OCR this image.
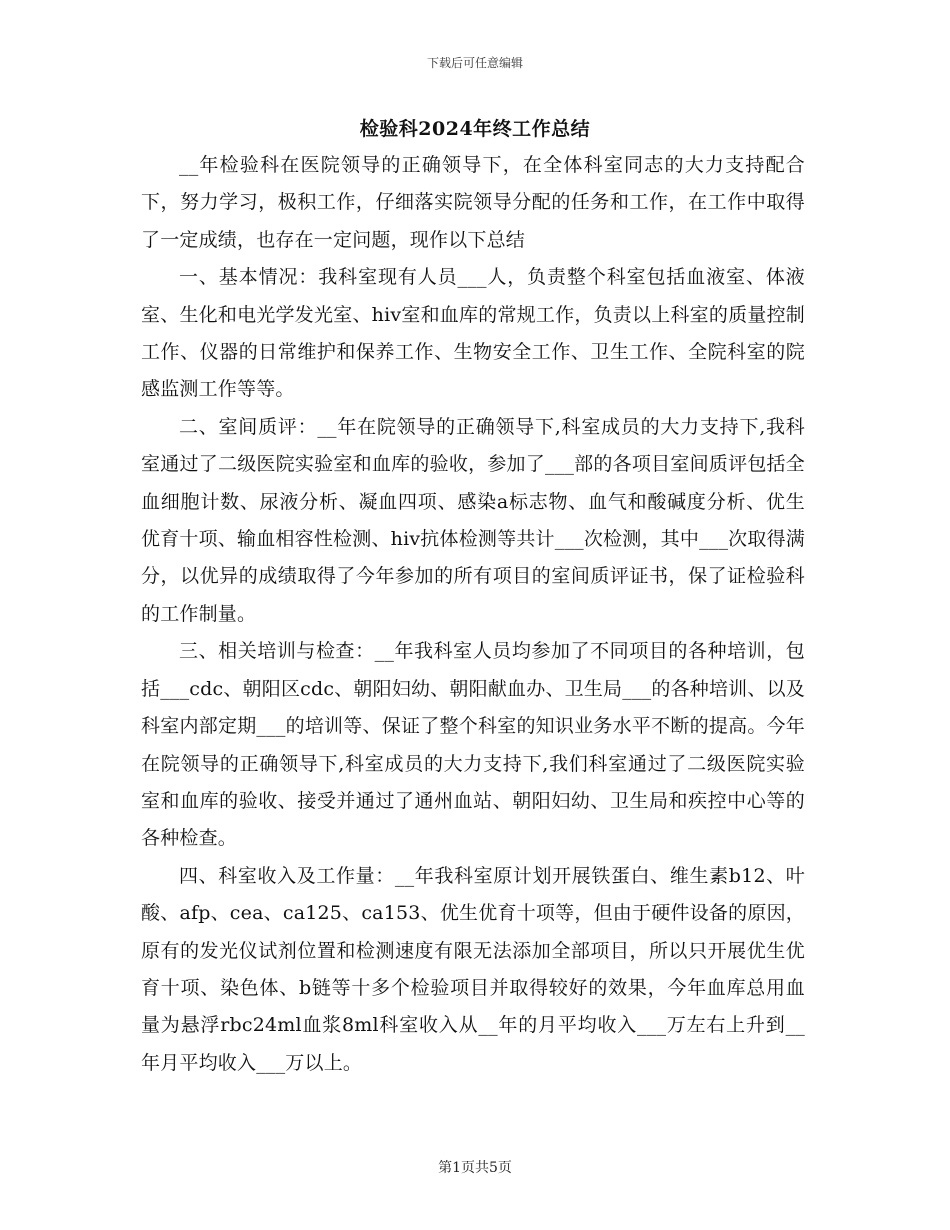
下载后可任意编辑
检验科2024年终工作总结

__年检验科在医院领导的正确领导下，在全体科室同志的大力支持配合下，努力学习，极积工作，仔细落实院领导分配的任务和工作，在工作中取得了一定成绩，也存在一定问题，现作以下总结

一、基本情况：我科室现有人员___人，负责整个科室包括血液室、体液室、生化和电光学发光室、hiv室和血库的常规工作，负责以上科室的质量控制工作、仪器的日常维护和保养工作、生物安全工作、卫生工作、全院科室的院感监测工作等等。

二、室间质评：__年在院领导的正确领导下,科室成员的大力支持下,我科室通过了二级医院实验室和血库的验收，参加了___部的各项目室间质评包括全血细胞计数、尿液分析、凝血四项、感染a标志物、血气和酸碱度分析、优生优育十项、输血相容性检测、hiv抗体检测等共计___次检测，其中___次取得满分，以优异的成绩取得了今年参加的所有项目的室间质评证书，保了证检验科的工作制量。

三、相关培训与检查：__年我科室人员均参加了不同项目的各种培训，包括___cdc、朝阳区cdc、朝阳妇幼、朝阳献血办、卫生局___的各种培训、以及科室内部定期___的培训等、保证了整个科室的知识业务水平不断的提高。今年在院领导的正确领导下,科室成员的大力支持下,我们科室通过了二级医院实验室和血库的验收、接受并通过了通州血站、朝阳妇幼、卫生局和疾控中心等的各种检查。

四、科室收入及工作量：__年我科室原计划开展铁蛋白、维生素b12、叶酸、afp、cea、ca125、ca153、优生优育十项等，但由于硬件设备的原因，原有的发光仪试剂位置和检测速度有限无法添加全部项目，所以只开展优生优育十项、染色体、b链等十多个检验项目并取得较好的效果，今年血库总用血量为悬浮rbc24ml血浆8ml科室收入从__年的月平均收入___万左右上升到__年月平均收入___万以上。

第1页共5页
